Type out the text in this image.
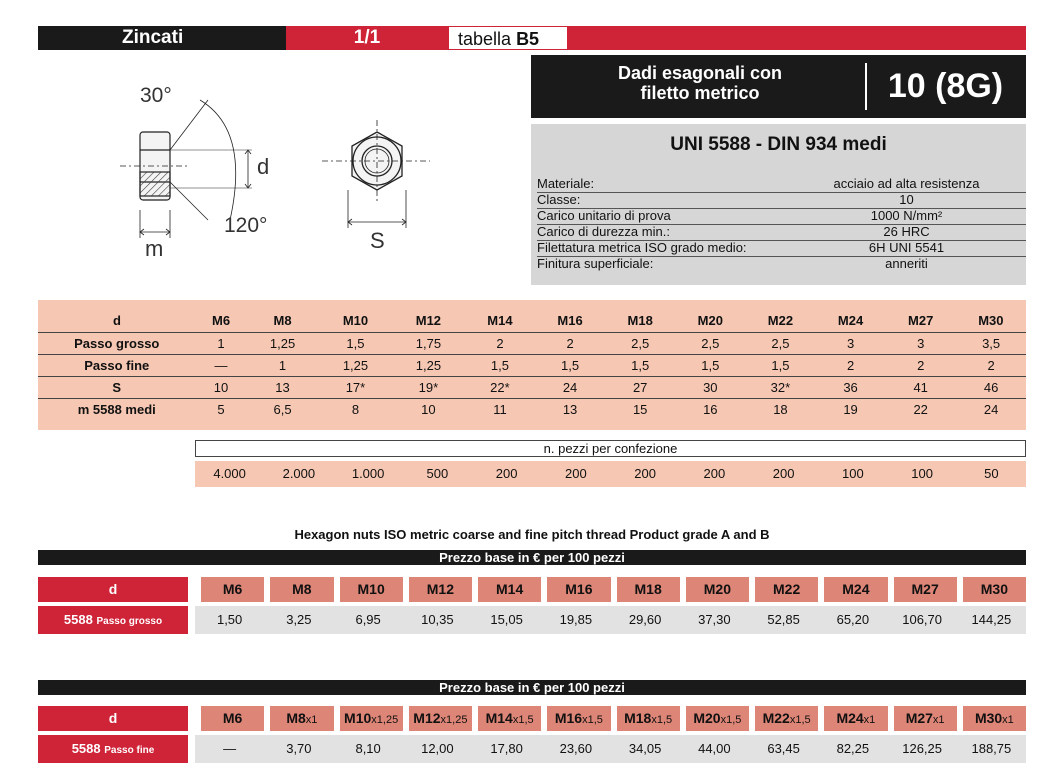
Zincati	1/1	tabella B5
Dadi esagonali con
filetto metrico	10 (8G)
UNI 5588 - DIN 934 medi
Materiale:	acciaio ad alta resistenza
Classe:	10
Carico unitario di prova	1000 N/mm²
Carico di durezza min.:	26 HRC
Filettatura metrica ISO grado medio:	6H UNI 5541
Finitura superficiale:	anneriti
30°
120°
d
m	S
d	M6	M8	M10	M12	M14	M16	M18	M20	M22	M24	M27	M30
Passo grosso	1	1,25	1,5	1,75	2	2	2,5	2,5	2,5	3	3	3,5
Passo fine	—	1	1,25	1,25	1,5	1,5	1,5	1,5	1,5	2	2	2
S	10	13	17*	19*	22*	24	27	30	32*	36	41	46
m 5588 medi	5	6,5	8	10	11	13	15	16	18	19	22	24
n. pezzi per confezione
4.000	2.000	1.000	500	200	200	200	200	200	100	100	50
Hexagon nuts ISO metric coarse and fine pitch thread Product grade A and B
Prezzo base in € per 100 pezzi
d	M6	M8	M10	M12	M14	M16	M18	M20	M22	M24	M27	M30
5588 Passo grosso	1,50	3,25	6,95	10,35	15,05	19,85	29,60	37,30	52,85	65,20	106,70	144,25
Prezzo base in € per 100 pezzi
d	M6	M8x1	M10x1,25	M12x1,25	M14x1,5	M16x1,5	M18x1,5	M20x1,5	M22x1,5	M24x1	M27x1	M30x1
5588 Passo fine	—	3,70	8,10	12,00	17,80	23,60	34,05	44,00	63,45	82,25	126,25	188,75
